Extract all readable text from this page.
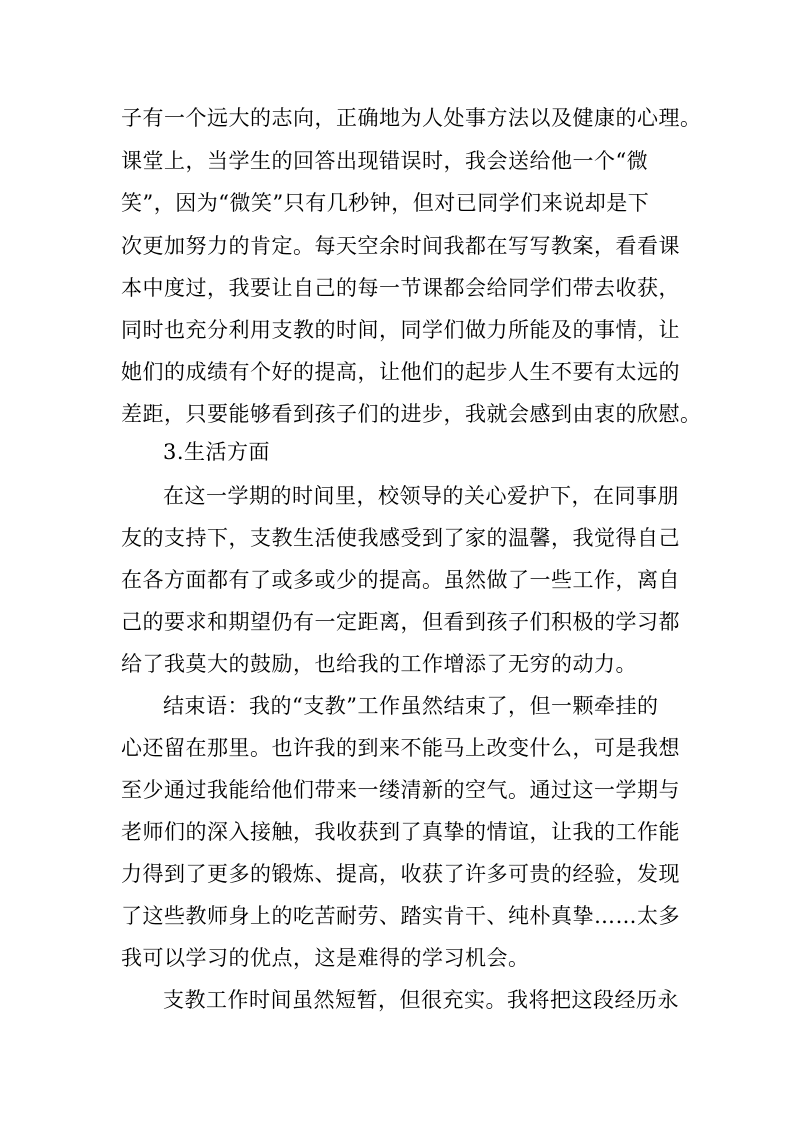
子有一个远大的志向，正确地为人处事方法以及健康的心理。
课堂上，当学生的回答出现错误时，我会送给他一个“微
笑”，因为“微笑”只有几秒钟，但对已同学们来说却是下
次更加努力的肯定。每天空余时间我都在写写教案，看看课
本中度过，我要让自己的每一节课都会给同学们带去收获，
同时也充分利用支教的时间，同学们做力所能及的事情，让
她们的成绩有个好的提高，让他们的起步人生不要有太远的
差距，只要能够看到孩子们的进步，我就会感到由衷的欣慰。
3.生活方面
在这一学期的时间里，校领导的关心爱护下，在同事朋
友的支持下，支教生活使我感受到了家的温馨，我觉得自己
在各方面都有了或多或少的提高。虽然做了一些工作，离自
己的要求和期望仍有一定距离，但看到孩子们积极的学习都
给了我莫大的鼓励，也给我的工作增添了无穷的动力。
结束语：我的“支教”工作虽然结束了，但一颗牵挂的
心还留在那里。也许我的到来不能马上改变什么，可是我想
至少通过我能给他们带来一缕清新的空气。通过这一学期与
老师们的深入接触，我收获到了真挚的情谊，让我的工作能
力得到了更多的锻炼、提高，收获了许多可贵的经验，发现
了这些教师身上的吃苦耐劳、踏实肯干、纯朴真挚……太多
我可以学习的优点，这是难得的学习机会。
支教工作时间虽然短暂，但很充实。我将把这段经历永
